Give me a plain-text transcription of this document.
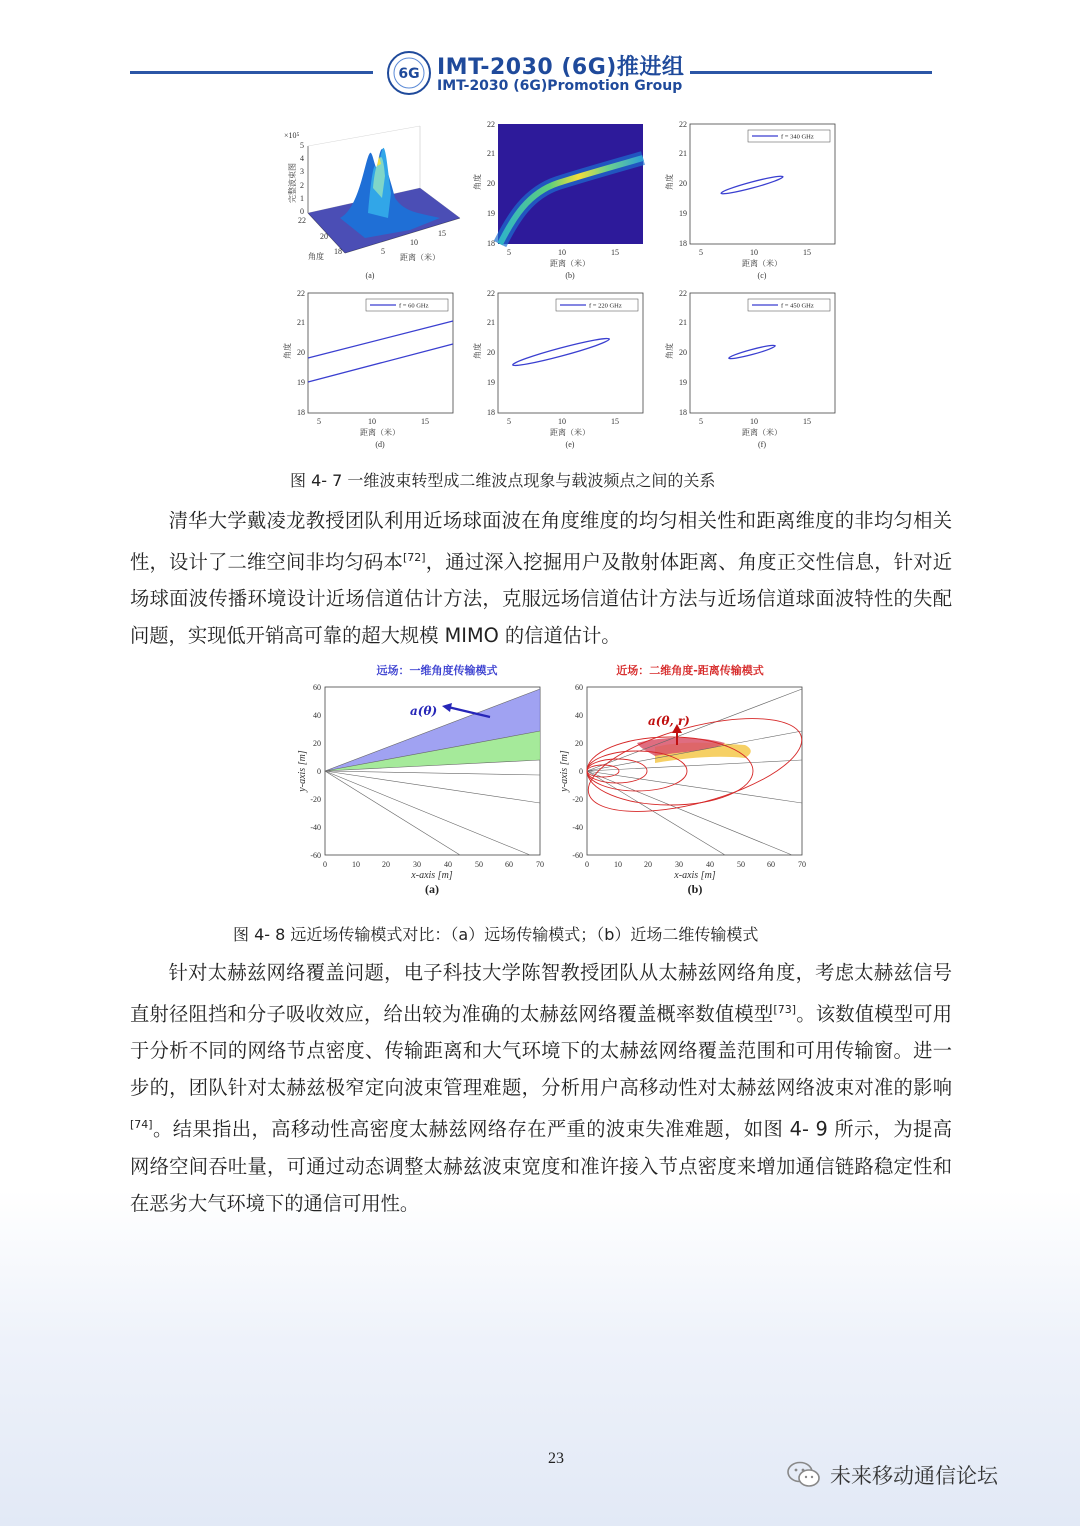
6G IMT-2030 (6G)推进组
IMT-2030 (6G)Promotion Group
0
1
2
3
4
5
×10⁵
完整波束图
22
20
18
角度
15
10
5
距离（米）
(a)
22
21
20
19
18
5	10	15
角度
距离（米）
(b)
f = 340 GHz
22
21
20
19
18
5	10	15
角度
距离（米）
(c)
f = 60 GHz
22
21
20
19
18
5	10	15
角度
距离（米）
(d)
f = 220 GHz
22
21
20
19
18
5	10	15
角度
距离（米）
(e)
f = 450 GHz
22
21
20
19
18
5	10	15
角度
距离（米）
(f)
图 4- 7 一维波束转型成二维波点现象与载波频点之间的关系

清华大学戴凌龙教授团队利用近场球面波在角度维度的均匀相关性和距离维度的非均匀相关性，设计了二维空间非均匀码本[72]，通过深入挖掘用户及散射体距离、角度正交性信息，针对近场球面波传播环境设计近场信道估计方法，克服远场信道估计方法与近场信道球面波特性的失配问题，实现低开销高可靠的超大规模 MIMO 的信道估计。

远场：一维角度传输模式
a(θ)
60
40
20
0
-20
-40
-60
0	10	20	30	40	50	60	70
y-axis [m]
x-axis [m]
(a)
近场：二维角度-距离传输模式
a(θ, r)
60
40
20
0
-20
-40
-60
0	10	20	30	40	50	60	70
y-axis [m]
x-axis [m]
(b)
图 4- 8 远近场传输模式对比：（a）远场传输模式；（b）近场二维传输模式

针对太赫兹网络覆盖问题，电子科技大学陈智教授团队从太赫兹网络角度，考虑太赫兹信号直射径阻挡和分子吸收效应，给出较为准确的太赫兹网络覆盖概率数值模型[73]。该数值模型可用于分析不同的网络节点密度、传输距离和大气环境下的太赫兹网络覆盖范围和可用传输窗。进一步的，团队针对太赫兹极窄定向波束管理难题，分析用户高移动性对太赫兹网络波束对准的影响[74]。结果指出，高移动性高密度太赫兹网络存在严重的波束失准难题，如图 4- 9 所示，为提高网络空间吞吐量，可通过动态调整太赫兹波束宽度和准许接入节点密度来增加通信链路稳定性和在恶劣大气环境下的通信可用性。

23
未来移动通信论坛
